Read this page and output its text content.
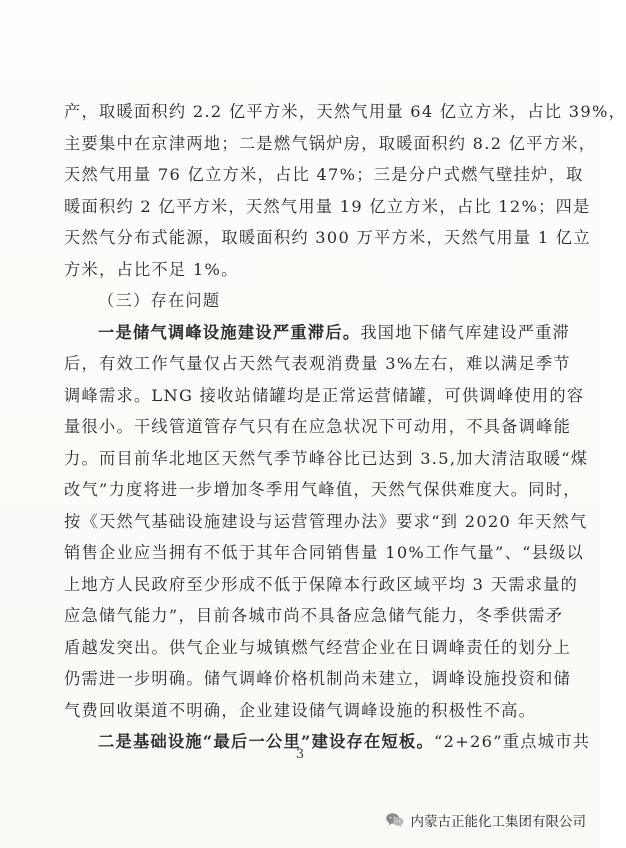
产，取暖面积约 2.2 亿平方米，天然气用量 64 亿立方米，占比 39%，
主要集中在京津两地；二是燃气锅炉房，取暖面积约 8.2 亿平方米，
天然气用量 76 亿立方米，占比 47%；三是分户式燃气壁挂炉，取
暖面积约 2 亿平方米，天然气用量 19 亿立方米，占比 12%；四是
天然气分布式能源，取暖面积约 300 万平方米，天然气用量 1 亿立
方米，占比不足 1%。
（三）存在问题
一是储气调峰设施建设严重滞后。我国地下储气库建设严重滞
后，有效工作气量仅占天然气表观消费量 3%左右，难以满足季节
调峰需求。LNG 接收站储罐均是正常运营储罐，可供调峰使用的容
量很小。干线管道管存气只有在应急状况下可动用，不具备调峰能
力。而目前华北地区天然气季节峰谷比已达到 3.5,加大清洁取暖“煤
改气”力度将进一步增加冬季用气峰值，天然气保供难度大。同时，
按《天然气基础设施建设与运营管理办法》要求“到 2020 年天然气
销售企业应当拥有不低于其年合同销售量 10%工作气量”、“县级以
上地方人民政府至少形成不低于保障本行政区域平均 3 天需求量的
应急储气能力”，目前各城市尚不具备应急储气能力，冬季供需矛
盾越发突出。供气企业与城镇燃气经营企业在日调峰责任的划分上
仍需进一步明确。储气调峰价格机制尚未建立，调峰设施投资和储
气费回收渠道不明确，企业建设储气调峰设施的积极性不高。
二是基础设施“最后一公里”建设存在短板。“2+26”重点城市共
3
内蒙古正能化工集团有限公司
